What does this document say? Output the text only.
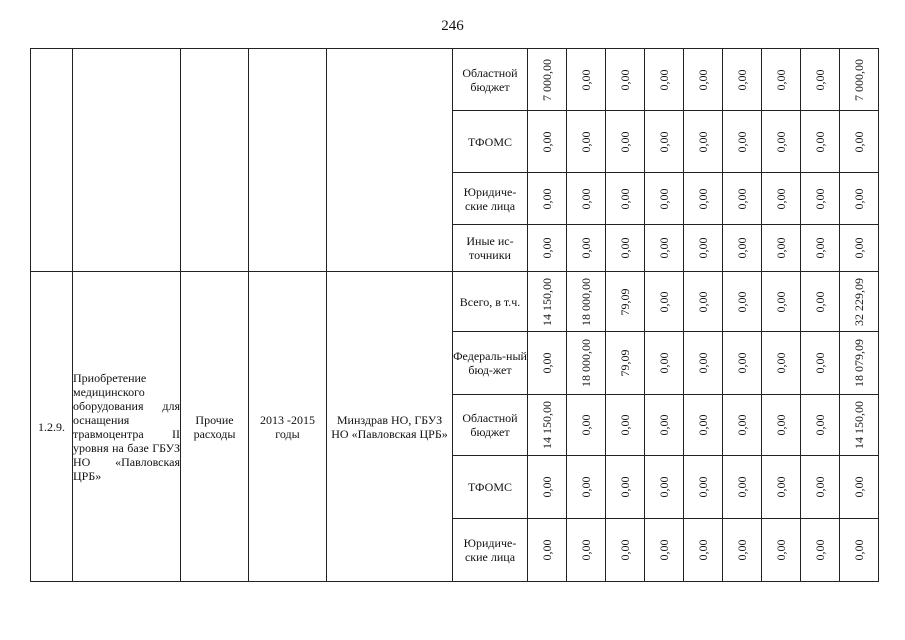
246
					Областной бюджет	7 000,00	0,00	0,00	0,00	0,00	0,00	0,00	0,00	7 000,00

					ТФОМС	0,00	0,00	0,00	0,00	0,00	0,00	0,00	0,00	0,00

					Юридиче-ские лица	0,00	0,00	0,00	0,00	0,00	0,00	0,00	0,00	0,00

					Иные ис-точники	0,00	0,00	0,00	0,00	0,00	0,00	0,00	0,00	0,00

1.2.9.	Приобретение медицинского оборудования для оснащения травмоцентра II уровня на базе ГБУЗ НО «Павловская ЦРБ»	Прочие расходы	2013 -2015 годы	Минздрав НО, ГБУЗ НО «Павловская ЦРБ»	Всего, в т.ч.	14 150,00	18 000,00	79,09	0,00	0,00	0,00	0,00	0,00	32 229,09

					Федераль-ный бюд-жет	0,00	18 000,00	79,09	0,00	0,00	0,00	0,00	0,00	18 079,09

					Областной бюджет	14 150,00	0,00	0,00	0,00	0,00	0,00	0,00	0,00	14 150,00

					ТФОМС	0,00	0,00	0,00	0,00	0,00	0,00	0,00	0,00	0,00

					Юридиче-ские лица	0,00	0,00	0,00	0,00	0,00	0,00	0,00	0,00	0,00
